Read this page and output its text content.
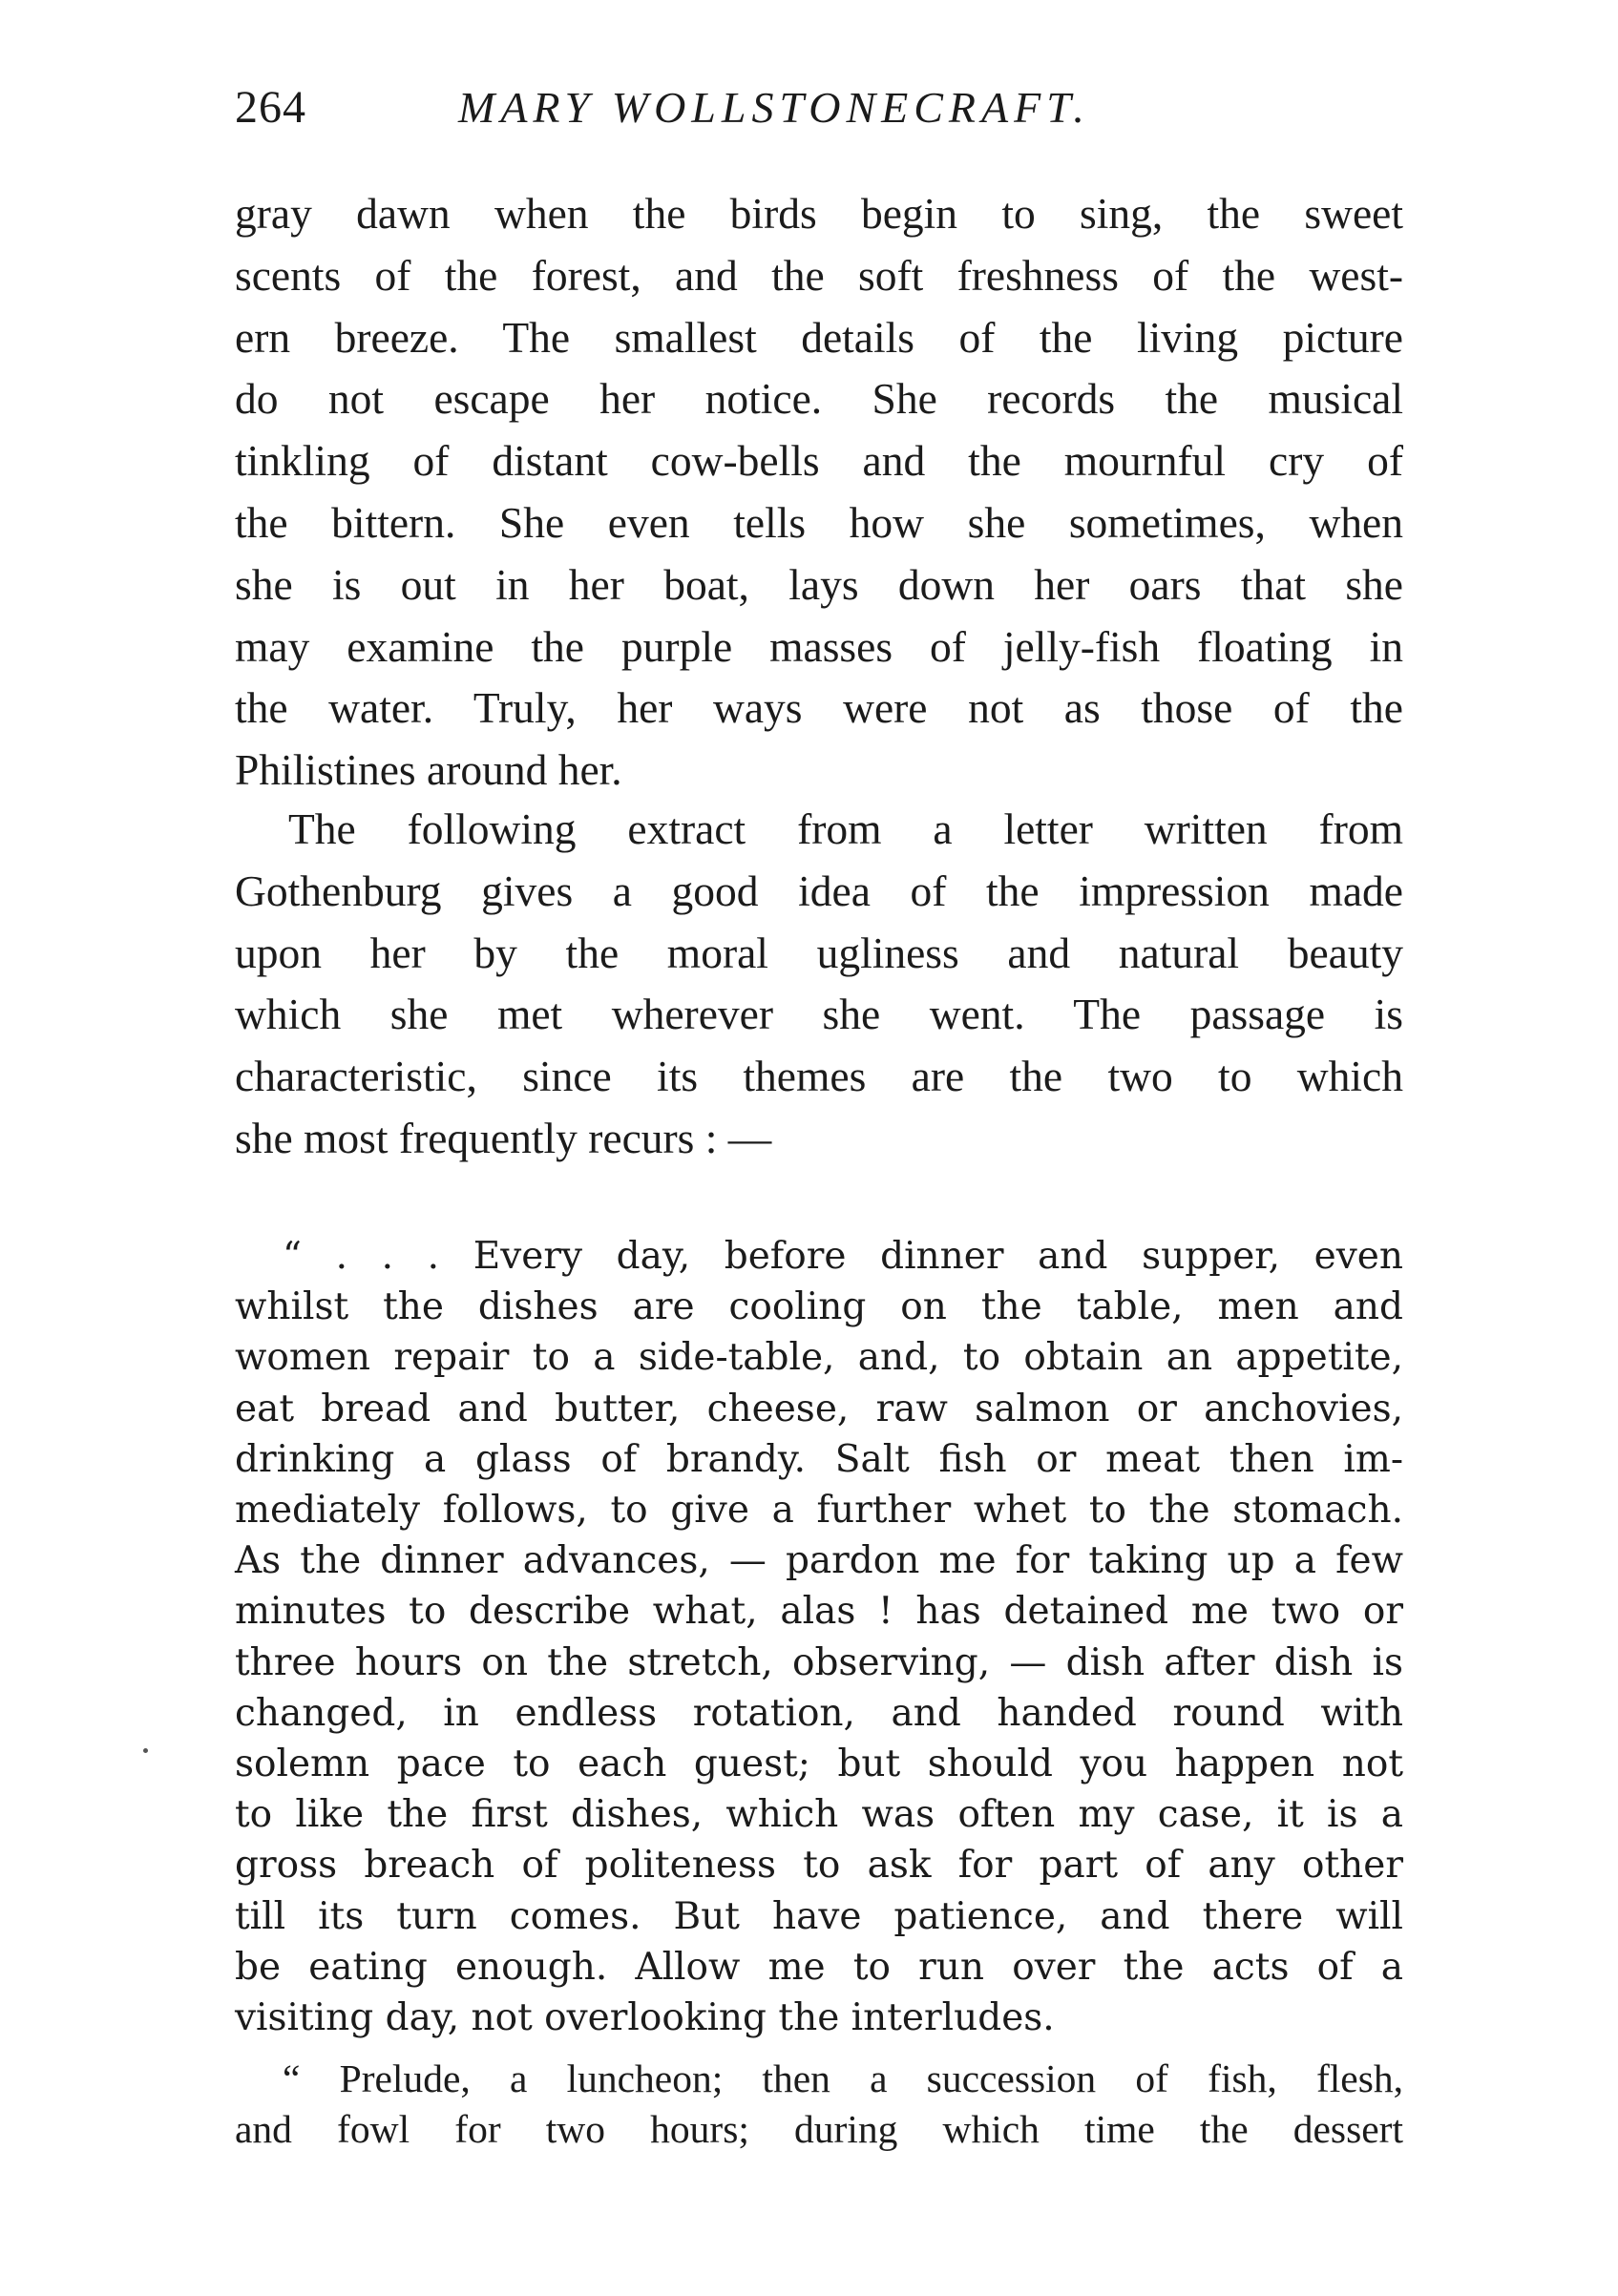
264	MARY WOLLSTONECRAFT.
gray dawn when the birds begin to sing, the sweet
scents of the forest, and the soft freshness of the west-
ern breeze. The smallest details of the living picture
do not escape her notice. She records the musical
tinkling of distant cow-bells and the mournful cry of
the bittern. She even tells how she sometimes, when
she is out in her boat, lays down her oars that she
may examine the purple masses of jelly-fish floating in
the water. Truly, her ways were not as those of the
Philistines around her.
The following extract from a letter written from
Gothenburg gives a good idea of the impression made
upon her by the moral ugliness and natural beauty
which she met wherever she went. The passage is
characteristic, since its themes are the two to which
she most frequently recurs : —
“ . . . Every day, before dinner and supper, even
whilst the dishes are cooling on the table, men and
women repair to a side-table, and, to obtain an appetite,
eat bread and butter, cheese, raw salmon or anchovies,
drinking a glass of brandy. Salt fish or meat then im-
mediately follows, to give a further whet to the stomach.
As the dinner advances, — pardon me for taking up a few
minutes to describe what, alas ! has detained me two or
three hours on the stretch, observing, — dish after dish is
changed, in endless rotation, and handed round with
solemn pace to each guest; but should you happen not
to like the first dishes, which was often my case, it is a
gross breach of politeness to ask for part of any other
till its turn comes. But have patience, and there will
be eating enough. Allow me to run over the acts of a
visiting day, not overlooking the interludes.
“ Prelude, a luncheon; then a succession of fish, flesh,
and fowl for two hours; during which time the dessert
